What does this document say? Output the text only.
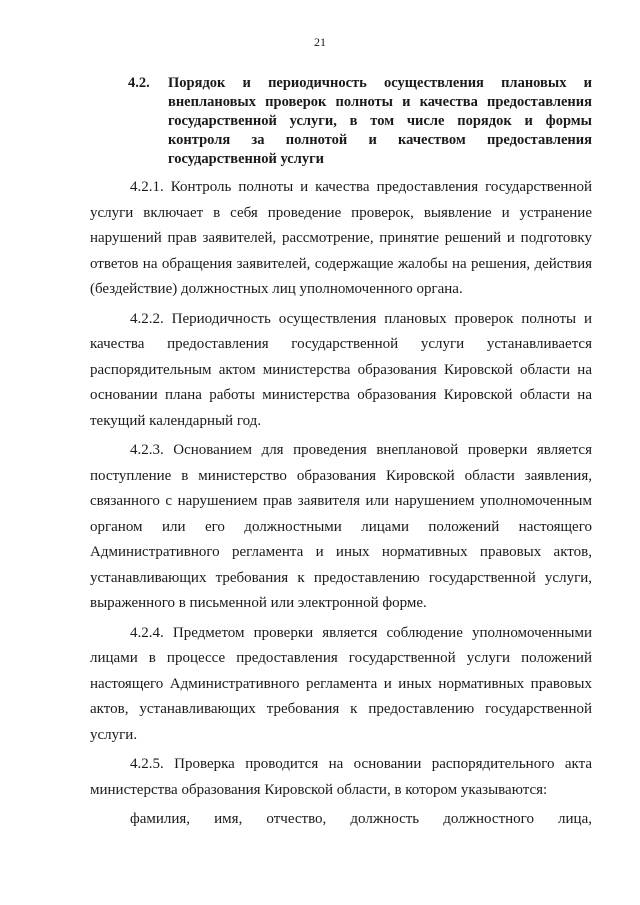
21
4.2. Порядок и периодичность осуществления плановых и внеплановых проверок полноты и качества предоставления государственной услуги, в том числе порядок и формы контроля за полнотой и качеством предоставления государственной услуги

4.2.1. Контроль полноты и качества предоставления государственной услуги включает в себя проведение проверок, выявление и устранение нарушений прав заявителей, рассмотрение, принятие решений и подготовку ответов на обращения заявителей, содержащие жалобы на решения, действия (бездействие) должностных лиц уполномоченного органа.

4.2.2. Периодичность осуществления плановых проверок полноты и качества предоставления государственной услуги устанавливается распорядительным актом министерства образования Кировской области на основании плана работы министерства образования Кировской области на текущий календарный год.

4.2.3. Основанием для проведения внеплановой проверки является поступление в министерство образования Кировской области заявления, связанного с нарушением прав заявителя или нарушением уполномоченным органом или его должностными лицами положений настоящего Административного регламента и иных нормативных правовых актов, устанавливающих требования к предоставлению государственной услуги, выраженного в письменной или электронной форме.

4.2.4. Предметом проверки является соблюдение уполномоченными лицами в процессе предоставления государственной услуги положений настоящего Административного регламента и иных нормативных правовых актов, устанавливающих требования к предоставлению государственной услуги.

4.2.5. Проверка проводится на основании распорядительного акта министерства образования Кировской области, в котором указываются:

фамилия, имя, отчество, должность должностного лица,
